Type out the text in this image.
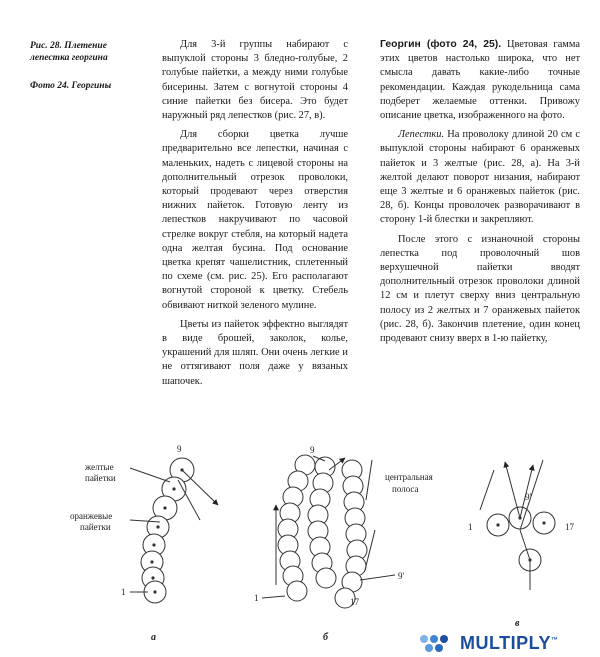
Рис. 28. Плетение лепестка георгина
Фото 24. Георгины

Для 3-й группы набирают с выпуклой стороны 3 бледно-голубые, 2 голубые пайетки, а между ними голубые бисерины. Затем с вогнутой стороны 4 синие пайетки без бисера. Это будет наружный ряд лепестков (рис. 27, в).

Для сборки цветка лучше предварительно все лепестки, начиная с маленьких, надеть с лицевой стороны на дополнительный отрезок проволоки, который продевают через отверстия нижних пайеток. Готовую ленту из лепестков накручивают по часовой стрелке вокруг стебля, на который надета одна желтая бусина. Под основание цветка крепят чашелистник, сплетенный по схеме (см. рис. 25). Его располагают вогнутой стороной к цветку. Стебель обвивают ниткой зеленого мулине.

Цветы из пайеток эффектно выглядят в виде брошей, заколок, колье, украшений для шляп. Они очень легкие и не оттягивают поля даже у вязаных шапочек.

Георгин (фото 24, 25). Цветовая гамма этих цветов настолько широка, что нет смысла давать какие-либо точные рекомендации. Каждая рукодельница сама подберет желаемые оттенки. Привожу описание цветка, изображенного на фото.

Лепестки. На проволоку длиной 20 см с выпуклой стороны набирают 6 оранжевых пайеток и 3 желтые (рис. 28, а). На 3-й желтой делают поворот низания, набирают еще 3 желтые и 6 оранжевых пайеток (рис. 28, б). Концы проволочек разворачивают в сторону 1-й блестки и закрепляют.

После этого с изнаночной стороны лепестка под проволочный шов верхушечной пайетки вводят дополнительный отрезок проволоки длиной 12 см и плетут сверху вниз центральную полосу из 2 желтых и 7 оранжевых пайеток (рис. 28, б). Закончив плетение, один конец продевают снизу вверх в 1-ю пайетку,

9
1
желтые
пайетки
оранжевые
пайетки
9
1
9'
17
центральная
полоса
9'
1	17
а	б
в
MULTIPLY™
